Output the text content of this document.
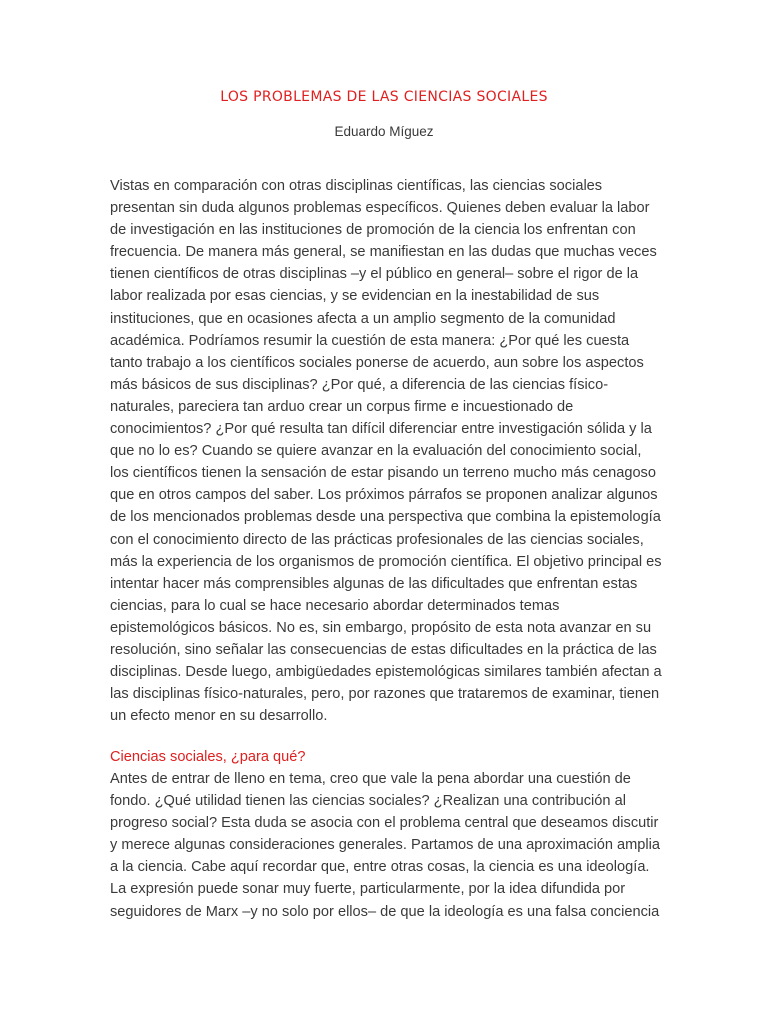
LOS PROBLEMAS DE LAS CIENCIAS SOCIALES
Eduardo Míguez

Vistas en comparación con otras disciplinas científicas, las ciencias sociales presentan sin duda algunos problemas específicos. Quienes deben evaluar la labor de investigación en las instituciones de promoción de la ciencia los enfrentan con frecuencia. De manera más general, se manifiestan en las dudas que muchas veces tienen científicos de otras disciplinas –y el público en general– sobre el rigor de la labor realizada por esas ciencias, y se evidencian en la inestabilidad de sus instituciones, que en ocasiones afecta a un amplio segmento de la comunidad académica. Podríamos resumir la cuestión de esta manera: ¿Por qué les cuesta tanto trabajo a los científicos sociales ponerse de acuerdo, aun sobre los aspectos más básicos de sus disciplinas? ¿Por qué, a diferencia de las ciencias físico-naturales, pareciera tan arduo crear un corpus firme e incuestionado de conocimientos? ¿Por qué resulta tan difícil diferenciar entre investigación sólida y la que no lo es? Cuando se quiere avanzar en la evaluación del conocimiento social, los científicos tienen la sensación de estar pisando un terreno mucho más cenagoso que en otros campos del saber. Los próximos párrafos se proponen analizar algunos de los mencionados problemas desde una perspectiva que combina la epistemología con el conocimiento directo de las prácticas profesionales de las ciencias sociales, más la experiencia de los organismos de promoción científica. El objetivo principal es intentar hacer más comprensibles algunas de las dificultades que enfrentan estas ciencias, para lo cual se hace necesario abordar determinados temas epistemológicos básicos. No es, sin embargo, propósito de esta nota avanzar en su resolución, sino señalar las consecuencias de estas dificultades en la práctica de las disciplinas. Desde luego, ambigüedades epistemológicas similares también afectan a las disciplinas físico-naturales, pero, por razones que trataremos de examinar, tienen un efecto menor en su desarrollo.

Ciencias sociales, ¿para qué?

Antes de entrar de lleno en tema, creo que vale la pena abordar una cuestión de fondo. ¿Qué utilidad tienen las ciencias sociales? ¿Realizan una contribución al progreso social? Esta duda se asocia con el problema central que deseamos discutir y merece algunas consideraciones generales. Partamos de una aproximación amplia a la ciencia. Cabe aquí recordar que, entre otras cosas, la ciencia es una ideología. La expresión puede sonar muy fuerte, particularmente, por la idea difundida por seguidores de Marx –y no solo por ellos– de que la ideología es una falsa conciencia
